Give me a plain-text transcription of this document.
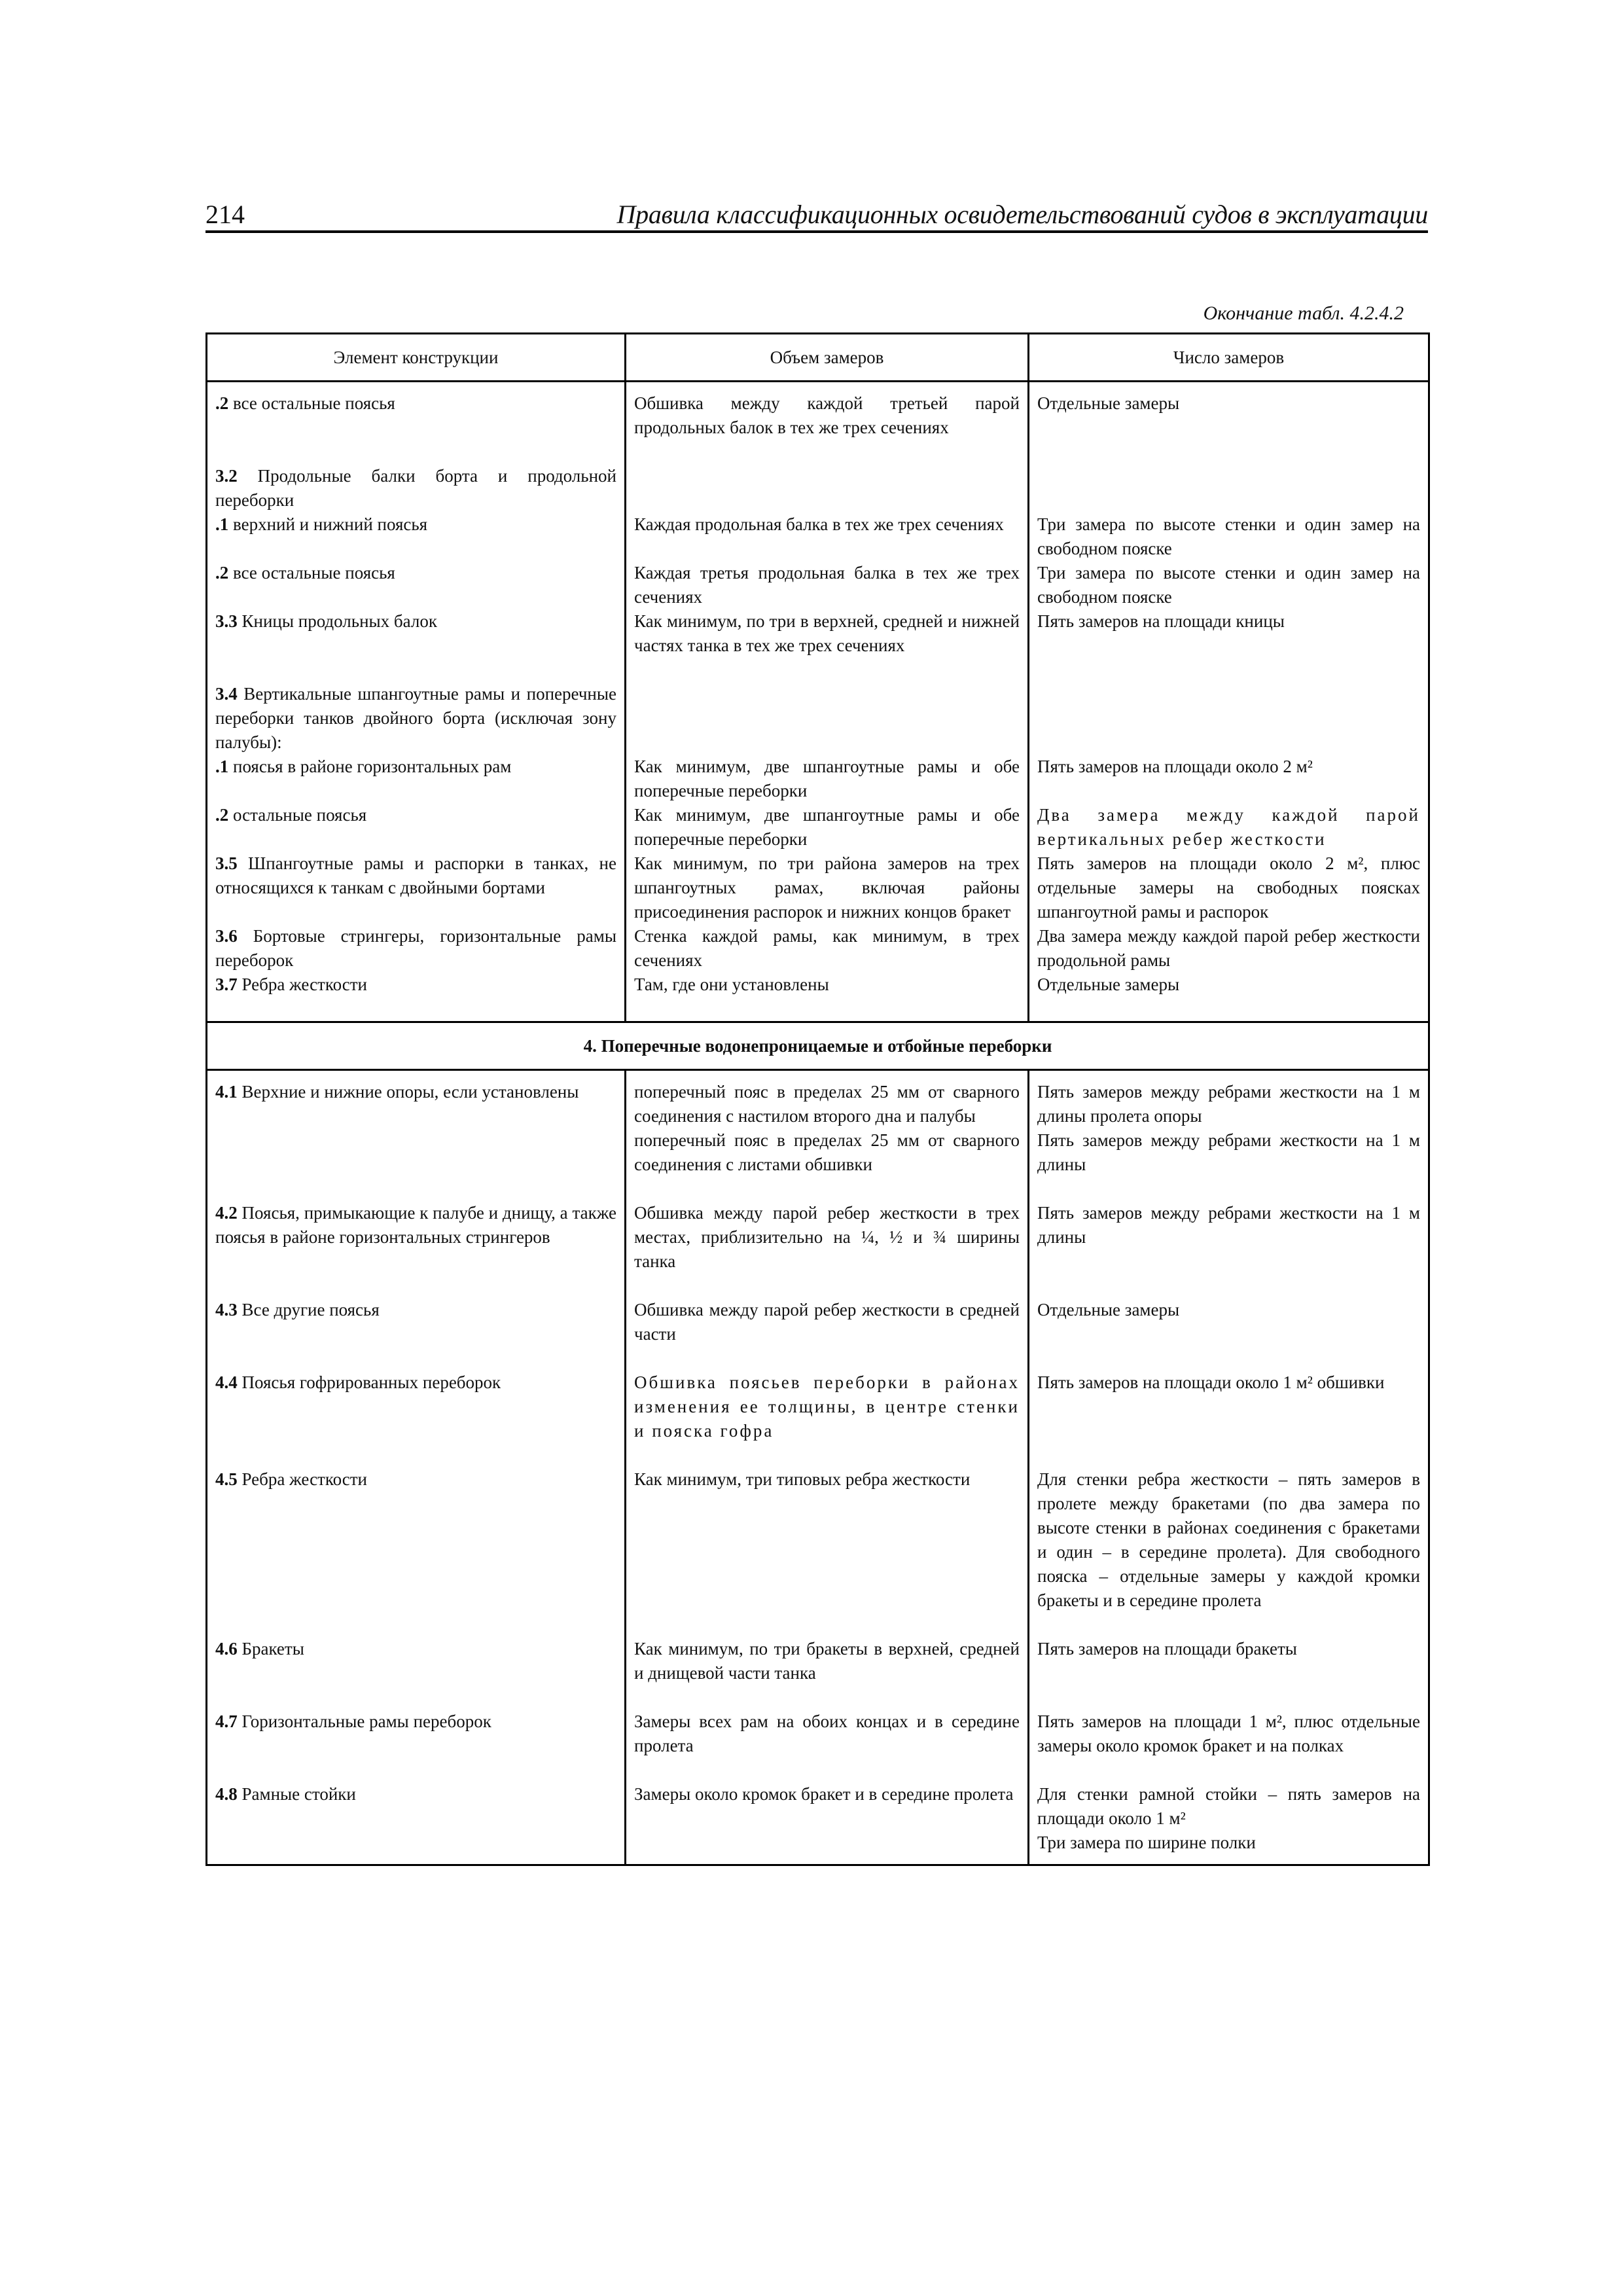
214	Правила классификационных освидетельствований судов в эксплуатации
Окончание табл. 4.2.4.2
Элемент конструкции	Объем замеров	Число замеров
.2 все остальные поясья	Обшивка между каждой третьей парой продольных балок в тех же трех сечениях	Отдельные замеры

3.2 Продольные балки борта и продольной переборки		
.1 верхний и нижний поясья	Каждая продольная балка в тех же трех сечениях	Три замера по высоте стенки и один замер на свободном пояске
.2 все остальные поясья	Каждая третья продольная балка в тех же трех сечениях	Три замера по высоте стенки и один замер на свободном пояске
3.3 Кницы продольных балок	Как минимум, по три в верхней, средней и нижней частях танка в тех же трех сечениях	Пять замеров на площади кницы

3.4 Вертикальные шпангоутные рамы и поперечные переборки танков двойного борта (исключая зону палубы):		
.1 поясья в районе горизонтальных рам	Как минимум, две шпангоутные рамы и обе поперечные переборки	Пять замеров на площади около 2 м²
.2 остальные поясья	Как минимум, две шпангоутные рамы и обе поперечные переборки	Два замера между каждой парой вертикальных ребер жесткости
3.5 Шпангоутные рамы и распорки в танках, не относящихся к танкам с двойными бортами	Как минимум, по три района замеров на трех шпангоутных рамах, включая районы присоединения распорок и нижних концов бракет	Пять замеров на площади около 2 м², плюс отдельные замеры на свободных поясках шпангоутной рамы и распорок
3.6 Бортовые стрингеры, горизонтальные рамы переборок	Стенка каждой рамы, как минимум, в трех сечениях	Два замера между каждой парой ребер жесткости продольной рамы
3.7 Ребра жесткости	Там, где они установлены	Отдельные замеры

4. Поперечные водонепроницаемые и отбойные переборки		
4.1 Верхние и нижние опоры, если установлены	поперечный пояс в пределах 25 мм от сварного соединения с настилом второго дна и палубы	Пять замеров между ребрами жесткости на 1 м длины пролета опоры
	поперечный пояс в пределах 25 мм от сварного соединения с листами обшивки	Пять замеров между ребрами жесткости на 1 м длины

4.2 Поясья, примыкающие к палубе и днищу, а также поясья в районе горизонтальных стрингеров	Обшивка между парой ребер жесткости в трех местах, приблизительно на ¼, ½ и ¾ ширины танка	Пять замеров между ребрами жесткости на 1 м длины

4.3 Все другие поясья	Обшивка между парой ребер жесткости в средней части	Отдельные замеры

4.4 Поясья гофрированных переборок	Обшивка поясьев переборки в районах изменения ее толщины, в центре стенки и пояска гофра	Пять замеров на площади около 1 м² обшивки

4.5 Ребра жесткости	Как минимум, три типовых ребра жесткости	Для стенки ребра жесткости – пять замеров в пролете между бракетами (по два замера по высоте стенки в районах соединения с бракетами и один – в середине пролета). Для свободного пояска – отдельные замеры у каждой кромки бракеты и в середине пролета

4.6 Бракеты	Как минимум, по три бракеты в верхней, средней и днищевой части танка	Пять замеров на площади бракеты

4.7 Горизонтальные рамы переборок	Замеры всех рам на обоих концах и в середине пролета	Пять замеров на площади 1 м², плюс отдельные замеры около кромок бракет и на полках

4.8 Рамные стойки	Замеры около кромок бракет и в середине пролета	Для стенки рамной стойки – пять замеров на площади около 1 м²
		Три замера по ширине полки
